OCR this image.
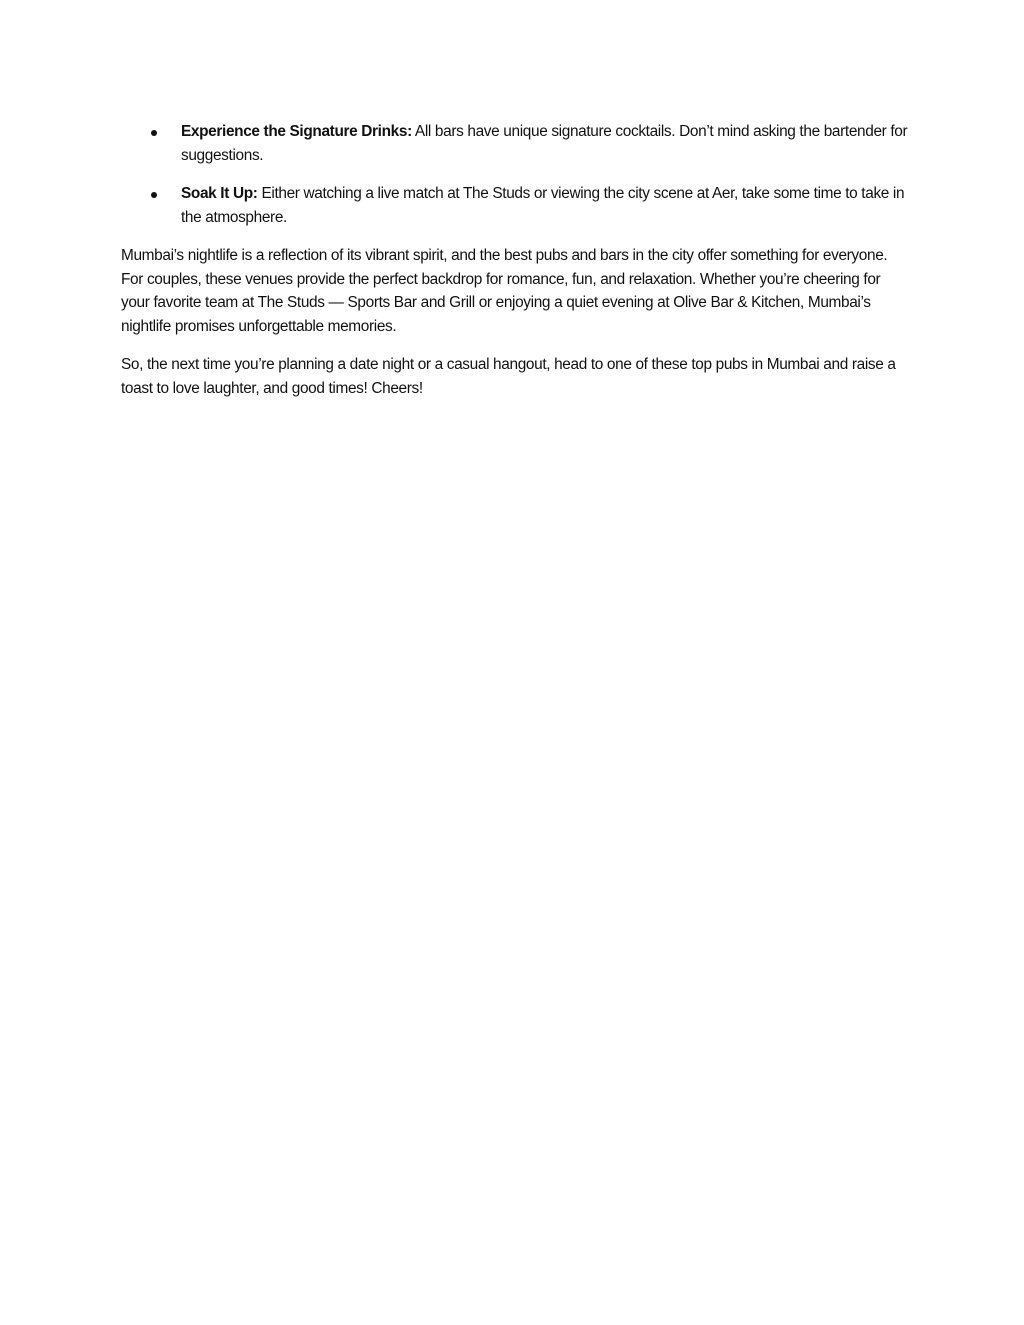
Experience the Signature Drinks: All bars have unique signature cocktails. Don’t mind asking the bartender for suggestions.
Soak It Up: Either watching a live match at The Studs or viewing the city scene at Aer, take some time to take in the atmosphere.

Mumbai’s nightlife is a reflection of its vibrant spirit, and the best pubs and bars in the city offer something for everyone. For couples, these venues provide the perfect backdrop for romance, fun, and relaxation. Whether you’re cheering for your favorite team at The Studs — Sports Bar and Grill or enjoying a quiet evening at Olive Bar & Kitchen, Mumbai’s nightlife promises unforgettable memories.

So, the next time you’re planning a date night or a casual hangout, head to one of these top pubs in Mumbai and raise a toast to love laughter, and good times! Cheers!
